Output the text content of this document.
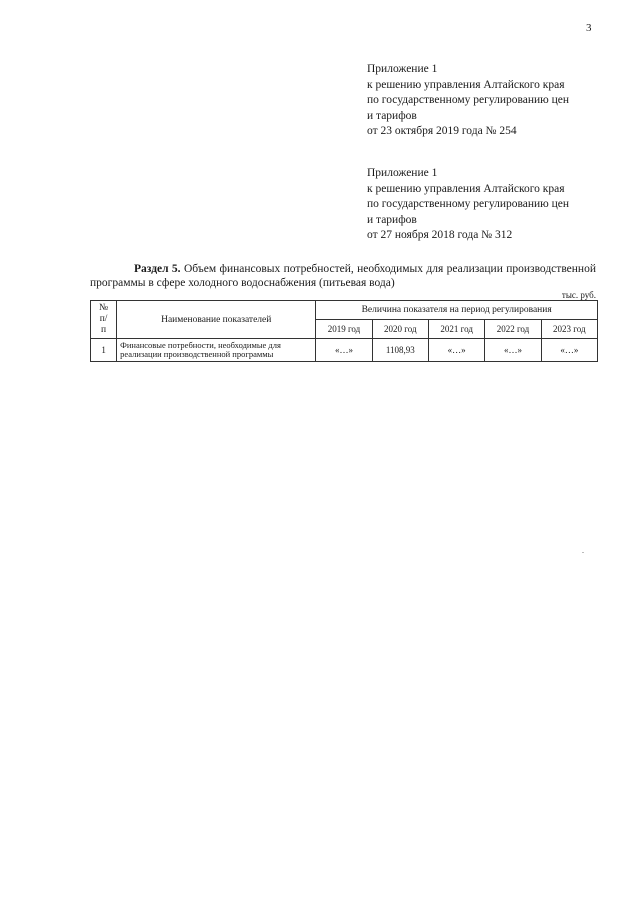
3
Приложение 1
к решению управления Алтайского края
по государственному регулированию цен
и тарифов
от 23 октября 2019 года № 254
Приложение 1
к решению управления Алтайского края
по государственному регулированию цен
и тарифов
от 27 ноября 2018 года № 312
Раздел 5. Объем финансовых потребностей, необходимых для реализации производственной программы в сфере холодного водоснабжения (питьевая вода)
тыс. руб.
№
п/
п	Наименование показателей	Величина показателя на период регулирования				
		2019 год	2020 год	2021 год	2022 год	2023 год
1	Финансовые потребности, необходимые для реализации производственной программы	«…»	1108,93	«…»	«…»	«…»
